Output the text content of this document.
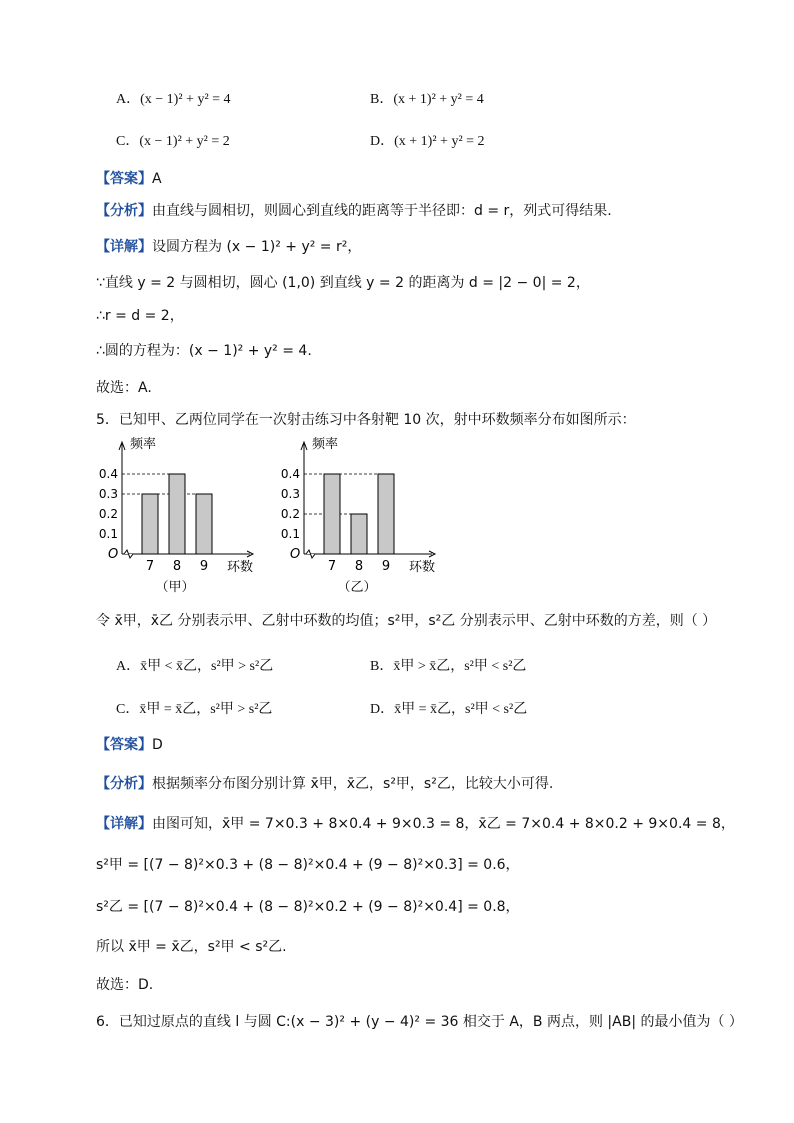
A．(x − 1)² + y² = 4	B．(x + 1)² + y² = 4
C．(x − 1)² + y² = 2	D．(x + 1)² + y² = 2
【答案】A
【分析】由直线与圆相切，则圆心到直线的距离等于半径即：d = r，列式可得结果.
【详解】设圆方程为 (x − 1)² + y² = r²，
∵直线 y = 2 与圆相切，圆心 (1,0) 到直线 y = 2 的距离为 d = |2 − 0| = 2，
∴r = d = 2，
∴圆的方程为：(x − 1)² + y² = 4.
故选：A.
5．已知甲、乙两位同学在一次射击练习中各射靶 10 次，射中环数频率分布如图所示：
频率
0.1
0.2
0.3
0.4
7 8 9
O
环数
（甲）
频率
0.1
0.2
0.3
0.4
7 8 9
O
环数
（乙）
令 x̄甲，x̄乙 分别表示甲、乙射中环数的均值；s²甲，s²乙 分别表示甲、乙射中环数的方差，则（ ）
A．x̄甲 < x̄乙，s²甲 > s²乙	B．x̄甲 > x̄乙，s²甲 < s²乙
C．x̄甲 = x̄乙，s²甲 > s²乙	D．x̄甲 = x̄乙，s²甲 < s²乙
【答案】D
【分析】根据频率分布图分别计算 x̄甲，x̄乙，s²甲，s²乙，比较大小可得.
【详解】由图可知，x̄甲 = 7×0.3 + 8×0.4 + 9×0.3 = 8，x̄乙 = 7×0.4 + 8×0.2 + 9×0.4 = 8，
s²甲 = [(7 − 8)²×0.3 + (8 − 8)²×0.4 + (9 − 8)²×0.3] = 0.6，
s²乙 = [(7 − 8)²×0.4 + (8 − 8)²×0.2 + (9 − 8)²×0.4] = 0.8，
所以 x̄甲 = x̄乙，s²甲 < s²乙.
故选：D.
6．已知过原点的直线 l 与圆 C:(x − 3)² + (y − 4)² = 36 相交于 A，B 两点，则 |AB| 的最小值为（ ）
